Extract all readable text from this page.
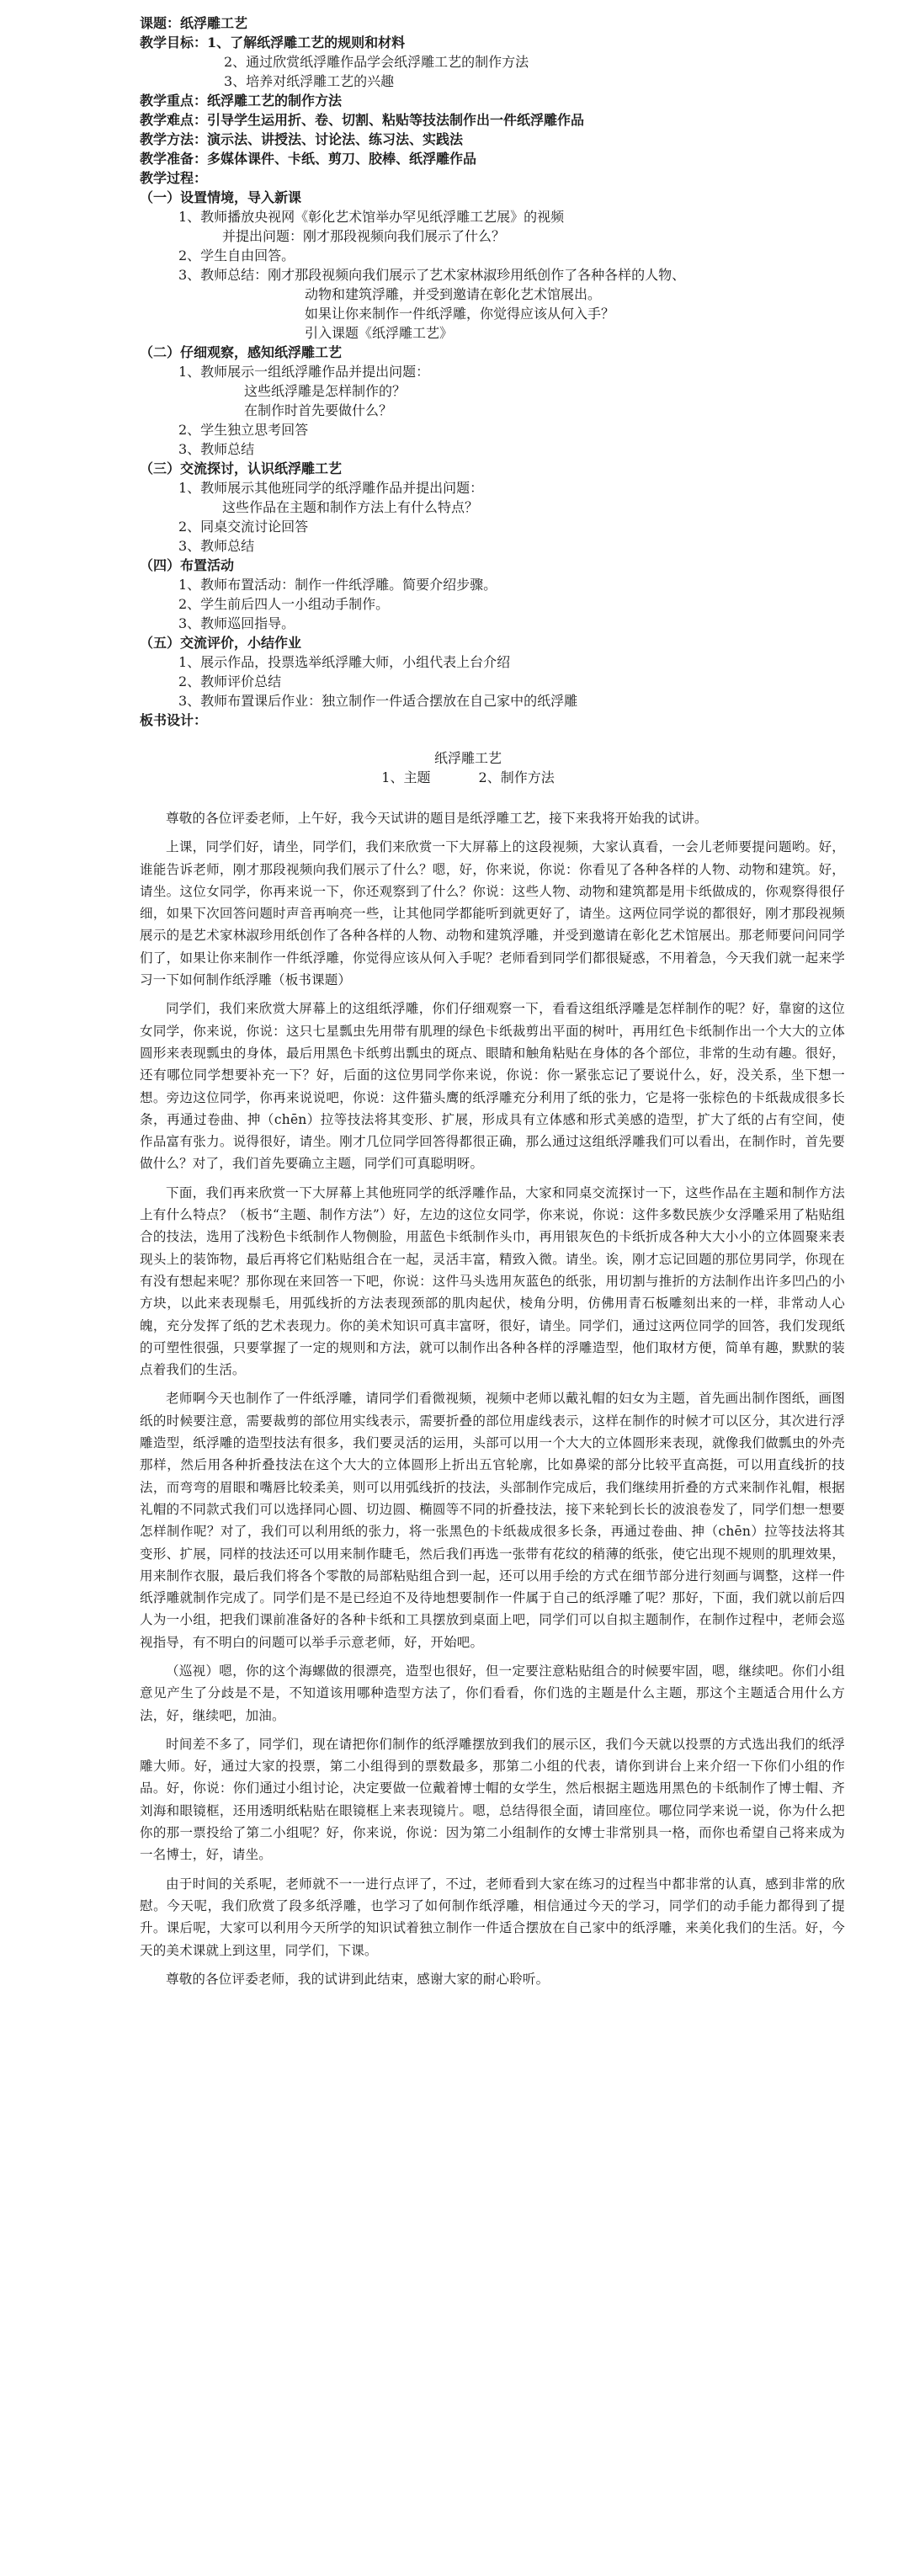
课题：纸浮雕工艺
教学目标：1、了解纸浮雕工艺的规则和材料
2、通过欣赏纸浮雕作品学会纸浮雕工艺的制作方法
3、培养对纸浮雕工艺的兴趣
教学重点：纸浮雕工艺的制作方法
教学难点：引导学生运用折、卷、切割、粘贴等技法制作出一件纸浮雕作品
教学方法：演示法、讲授法、讨论法、练习法、实践法
教学准备：多媒体课件、卡纸、剪刀、胶棒、纸浮雕作品
教学过程：
（一）设置情境，导入新课
1、教师播放央视网《彰化艺术馆举办罕见纸浮雕工艺展》的视频
并提出问题：刚才那段视频向我们展示了什么？
2、学生自由回答。
3、教师总结：刚才那段视频向我们展示了艺术家林淑珍用纸创作了各种各样的人物、
动物和建筑浮雕，并受到邀请在彰化艺术馆展出。
如果让你来制作一件纸浮雕，你觉得应该从何入手？
引入课题《纸浮雕工艺》
（二）仔细观察，感知纸浮雕工艺
1、教师展示一组纸浮雕作品并提出问题：
这些纸浮雕是怎样制作的？
在制作时首先要做什么？
2、学生独立思考回答
3、教师总结
（三）交流探讨，认识纸浮雕工艺
1、教师展示其他班同学的纸浮雕作品并提出问题：
这些作品在主题和制作方法上有什么特点？
2、同桌交流讨论回答
3、教师总结
（四）布置活动
1、教师布置活动：制作一件纸浮雕。简要介绍步骤。
2、学生前后四人一小组动手制作。
3、教师巡回指导。
（五）交流评价，小结作业
1、展示作品，投票选举纸浮雕大师，小组代表上台介绍
2、教师评价总结
3、教师布置课后作业：独立制作一件适合摆放在自己家中的纸浮雕
板书设计：
纸浮雕工艺
1、主题	2、制作方法

尊敬的各位评委老师，上午好，我今天试讲的题目是纸浮雕工艺，接下来我将开始我的试讲。

上课，同学们好，请坐，同学们，我们来欣赏一下大屏幕上的这段视频，大家认真看，一会儿老师要提问题哟。好，谁能告诉老师，刚才那段视频向我们展示了什么？嗯，好，你来说，你说：你看见了各种各样的人物、动物和建筑。好，请坐。这位女同学，你再来说一下，你还观察到了什么？你说：这些人物、动物和建筑都是用卡纸做成的，你观察得很仔细，如果下次回答问题时声音再响亮一些，让其他同学都能听到就更好了，请坐。这两位同学说的都很好，刚才那段视频展示的是艺术家林淑珍用纸创作了各种各样的人物、动物和建筑浮雕，并受到邀请在彰化艺术馆展出。那老师要问问同学们了，如果让你来制作一件纸浮雕，你觉得应该从何入手呢？老师看到同学们都很疑惑，不用着急，今天我们就一起来学习一下如何制作纸浮雕（板书课题）

同学们，我们来欣赏大屏幕上的这组纸浮雕，你们仔细观察一下，看看这组纸浮雕是怎样制作的呢？好，靠窗的这位女同学，你来说，你说：这只七星瓢虫先用带有肌理的绿色卡纸裁剪出平面的树叶，再用红色卡纸制作出一个大大的立体圆形来表现瓢虫的身体，最后用黑色卡纸剪出瓢虫的斑点、眼睛和触角粘贴在身体的各个部位，非常的生动有趣。很好，还有哪位同学想要补充一下？好，后面的这位男同学你来说，你说：你一紧张忘记了要说什么，好，没关系，坐下想一想。旁边这位同学，你再来说说吧，你说：这件猫头鹰的纸浮雕充分利用了纸的张力，它是将一张棕色的卡纸裁成很多长条，再通过卷曲、抻（chēn）拉等技法将其变形、扩展，形成具有立体感和形式美感的造型，扩大了纸的占有空间，使作品富有张力。说得很好，请坐。刚才几位同学回答得都很正确，那么通过这组纸浮雕我们可以看出，在制作时，首先要做什么？对了，我们首先要确立主题，同学们可真聪明呀。

下面，我们再来欣赏一下大屏幕上其他班同学的纸浮雕作品，大家和同桌交流探讨一下，这些作品在主题和制作方法上有什么特点？（板书“主题、制作方法”）好，左边的这位女同学，你来说，你说：这件多数民族少女浮雕采用了粘贴组合的技法，选用了浅粉色卡纸制作人物侧脸，用蓝色卡纸制作头巾，再用银灰色的卡纸折成各种大大小小的立体圆聚来表现头上的装饰物，最后再将它们粘贴组合在一起，灵活丰富，精致入微。请坐。诶，刚才忘记回题的那位男同学，你现在有没有想起来呢？那你现在来回答一下吧，你说：这件马头选用灰蓝色的纸张，用切割与推折的方法制作出许多凹凸的小方块，以此来表现鬃毛，用弧线折的方法表现颈部的肌肉起伏，棱角分明，仿佛用青石板雕刻出来的一样，非常动人心魄，充分发挥了纸的艺术表现力。你的美术知识可真丰富呀，很好，请坐。同学们，通过这两位同学的回答，我们发现纸的可塑性很强，只要掌握了一定的规则和方法，就可以制作出各种各样的浮雕造型，他们取材方便，简单有趣，默默的装点着我们的生活。

老师啊今天也制作了一件纸浮雕，请同学们看微视频，视频中老师以戴礼帽的妇女为主题，首先画出制作图纸，画图纸的时候要注意，需要裁剪的部位用实线表示，需要折叠的部位用虚线表示，这样在制作的时候才可以区分，其次进行浮雕造型，纸浮雕的造型技法有很多，我们要灵活的运用，头部可以用一个大大的立体圆形来表现，就像我们做瓢虫的外壳那样，然后用各种折叠技法在这个大大的立体圆形上折出五官轮廓，比如鼻梁的部分比较平直高挺，可以用直线折的技法，而弯弯的眉眼和嘴唇比较柔美，则可以用弧线折的技法，头部制作完成后，我们继续用折叠的方式来制作礼帽，根据礼帽的不同款式我们可以选择同心圆、切边圆、椭圆等不同的折叠技法，接下来轮到长长的波浪卷发了，同学们想一想要怎样制作呢？对了，我们可以利用纸的张力，将一张黑色的卡纸裁成很多长条，再通过卷曲、抻（chēn）拉等技法将其变形、扩展，同样的技法还可以用来制作睫毛，然后我们再选一张带有花纹的稍薄的纸张，使它出现不规则的肌理效果，用来制作衣服，最后我们将各个零散的局部粘贴组合到一起，还可以用手绘的方式在细节部分进行刻画与调整，这样一件纸浮雕就制作完成了。同学们是不是已经迫不及待地想要制作一件属于自己的纸浮雕了呢？那好，下面，我们就以前后四人为一小组，把我们课前准备好的各种卡纸和工具摆放到桌面上吧，同学们可以自拟主题制作，在制作过程中，老师会巡视指导，有不明白的问题可以举手示意老师，好，开始吧。

（巡视）嗯，你的这个海螺做的很漂亮，造型也很好，但一定要注意粘贴组合的时候要牢固，嗯，继续吧。你们小组意见产生了分歧是不是，不知道该用哪种造型方法了，你们看看，你们选的主题是什么主题，那这个主题适合用什么方法，好，继续吧，加油。

时间差不多了，同学们，现在请把你们制作的纸浮雕摆放到我们的展示区，我们今天就以投票的方式选出我们的纸浮雕大师。好，通过大家的投票，第二小组得到的票数最多，那第二小组的代表，请你到讲台上来介绍一下你们小组的作品。好，你说：你们通过小组讨论，决定要做一位戴着博士帽的女学生，然后根据主题选用黑色的卡纸制作了博士帽、齐刘海和眼镜框，还用透明纸粘贴在眼镜框上来表现镜片。嗯，总结得很全面，请回座位。哪位同学来说一说，你为什么把你的那一票投给了第二小组呢？好，你来说，你说：因为第二小组制作的女博士非常别具一格，而你也希望自己将来成为一名博士，好，请坐。

由于时间的关系呢，老师就不一一进行点评了，不过，老师看到大家在练习的过程当中都非常的认真，感到非常的欣慰。今天呢，我们欣赏了段多纸浮雕，也学习了如何制作纸浮雕，相信通过今天的学习，同学们的动手能力都得到了提升。课后呢，大家可以利用今天所学的知识试着独立制作一件适合摆放在自己家中的纸浮雕，来美化我们的生活。好，今天的美术课就上到这里，同学们，下课。

尊敬的各位评委老师，我的试讲到此结束，感谢大家的耐心聆听。
